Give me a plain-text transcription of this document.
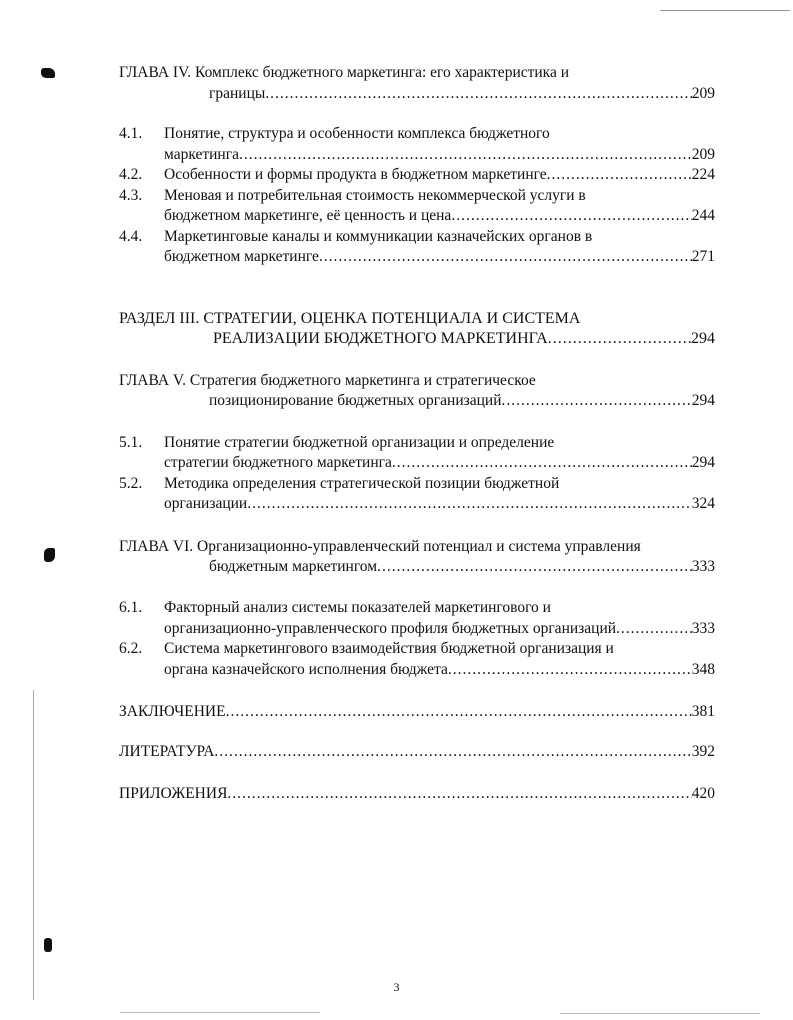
ГЛАВА IV. Комплекс бюджетного маркетинга: его характеристика и
границы .....	209
4.1. Понятие, структура и особенности комплекса бюджетного
маркетинга .....	209
4.2. Особенности и формы продукта в бюджетном маркетинге .....	224
4.3. Меновая и потребительная стоимость некоммерческой услуги в
бюджетном маркетинге, её ценность и цена .....	244
4.4. Маркетинговые каналы и коммуникации казначейских органов в
бюджетном маркетинге .....	271
РАЗДЕЛ III. СТРАТЕГИИ, ОЦЕНКА ПОТЕНЦИАЛА И СИСТЕМА
РЕАЛИЗАЦИИ БЮДЖЕТНОГО МАРКЕТИНГА .....	294
ГЛАВА V. Стратегия бюджетного маркетинга и стратегическое
позиционирование бюджетных организаций .....	294
5.1. Понятие стратегии бюджетной организации и определение
стратегии бюджетного маркетинга .....	294
5.2. Методика определения стратегической позиции бюджетной
организации .....	324
ГЛАВА VI. Организационно-управленческий потенциал и система управления
бюджетным маркетингом .....	333
6.1. Факторный анализ системы показателей маркетингового и
организационно-управленческого профиля бюджетных организаций .....	333
6.2. Система маркетингового взаимодействия бюджетной организация и
органа казначейского исполнения бюджета .....	348
ЗАКЛЮЧЕНИЕ .....	381
ЛИТЕРАТУРА .....	392
ПРИЛОЖЕНИЯ .....	420
3
